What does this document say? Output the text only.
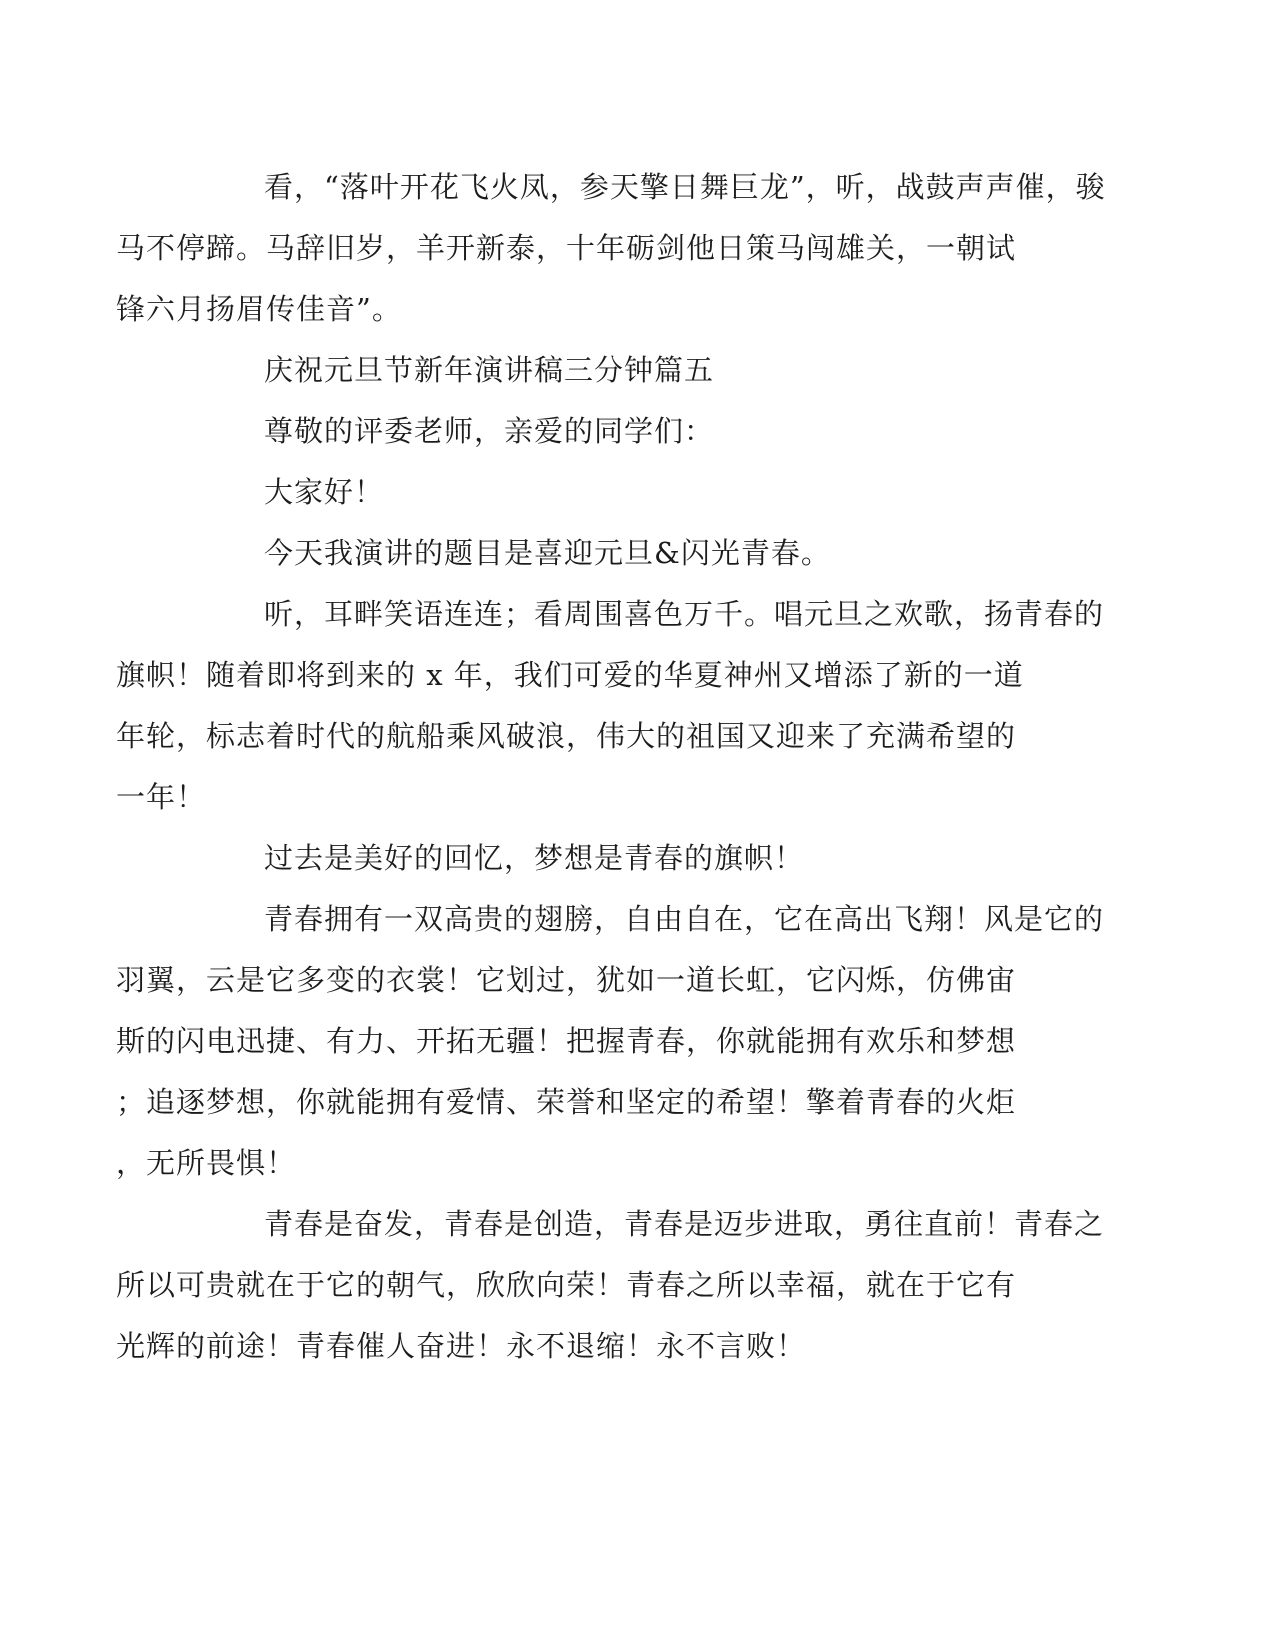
看，“落叶开花飞火凤，参天擎日舞巨龙”，听，战鼓声声催，骏
马不停蹄。马辞旧岁，羊开新泰，十年砺剑他日策马闯雄关，一朝试
锋六月扬眉传佳音”。

庆祝元旦节新年演讲稿三分钟篇五

尊敬的评委老师，亲爱的同学们：

大家好！

今天我演讲的题目是喜迎元旦&闪光青春。

听，耳畔笑语连连；看周围喜色万千。唱元旦之欢歌，扬青春的
旗帜！随着即将到来的 x 年，我们可爱的华夏神州又增添了新的一道
年轮，标志着时代的航船乘风破浪，伟大的祖国又迎来了充满希望的
一年！

过去是美好的回忆，梦想是青春的旗帜！

青春拥有一双高贵的翅膀，自由自在，它在高出飞翔！风是它的
羽翼，云是它多变的衣裳！它划过，犹如一道长虹，它闪烁，仿佛宙
斯的闪电迅捷、有力、开拓无疆！把握青春，你就能拥有欢乐和梦想
；追逐梦想，你就能拥有爱情、荣誉和坚定的希望！擎着青春的火炬
，无所畏惧！

青春是奋发，青春是创造，青春是迈步进取，勇往直前！青春之
所以可贵就在于它的朝气，欣欣向荣！青春之所以幸福，就在于它有
光辉的前途！青春催人奋进！永不退缩！永不言败！
